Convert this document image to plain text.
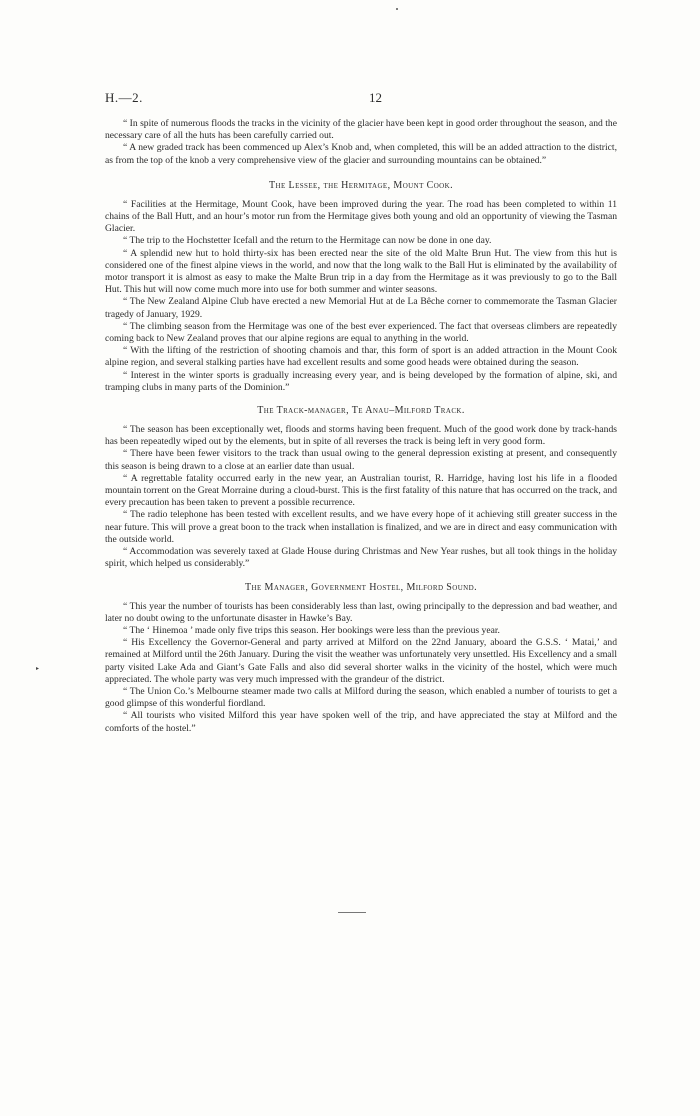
▸
H.—2.	12

“ In spite of numerous floods the tracks in the vicinity of the glacier have been kept in good order throughout the season, and the necessary care of all the huts has been carefully carried out.

“ A new graded track has been commenced up Alex’s Knob and, when completed, this will be an added attraction to the district, as from the top of the knob a very comprehensive view of the glacier and surrounding mountains can be obtained.”

The Lessee, the Hermitage, Mount Cook.

“ Facilities at the Hermitage, Mount Cook, have been improved during the year. The road has been completed to within 11 chains of the Ball Hutt, and an hour’s motor run from the Hermitage gives both young and old an opportunity of viewing the Tasman Glacier.

“ The trip to the Hochstetter Icefall and the return to the Hermitage can now be done in one day.

“ A splendid new hut to hold thirty-six has been erected near the site of the old Malte Brun Hut. The view from this hut is considered one of the finest alpine views in the world, and now that the long walk to the Ball Hut is eliminated by the availability of motor transport it is almost as easy to make the Malte Brun trip in a day from the Hermitage as it was previously to go to the Ball Hut. This hut will now come much more into use for both summer and winter seasons.

“ The New Zealand Alpine Club have erected a new Memorial Hut at de La Bêche corner to commemorate the Tasman Glacier tragedy of January, 1929.

“ The climbing season from the Hermitage was one of the best ever experienced. The fact that overseas climbers are repeatedly coming back to New Zealand proves that our alpine regions are equal to anything in the world.

“ With the lifting of the restriction of shooting chamois and thar, this form of sport is an added attraction in the Mount Cook alpine region, and several stalking parties have had excellent results and some good heads were obtained during the season.

“ Interest in the winter sports is gradually increasing every year, and is being developed by the formation of alpine, ski, and tramping clubs in many parts of the Dominion.”

The Track-manager, Te Anau–Milford Track.

“ The season has been exceptionally wet, floods and storms having been frequent. Much of the good work done by track-hands has been repeatedly wiped out by the elements, but in spite of all reverses the track is being left in very good form.

“ There have been fewer visitors to the track than usual owing to the general depression existing at present, and consequently this season is being drawn to a close at an earlier date than usual.

“ A regrettable fatality occurred early in the new year, an Australian tourist, R. Harridge, having lost his life in a flooded mountain torrent on the Great Morraine during a cloud-burst. This is the first fatality of this nature that has occurred on the track, and every precaution has been taken to prevent a possible recurrence.

“ The radio telephone has been tested with excellent results, and we have every hope of it achieving still greater success in the near future. This will prove a great boon to the track when installation is finalized, and we are in direct and easy communication with the outside world.

“ Accommodation was severely taxed at Glade House during Christmas and New Year rushes, but all took things in the holiday spirit, which helped us considerably.”

The Manager, Government Hostel, Milford Sound.

“ This year the number of tourists has been considerably less than last, owing principally to the depression and bad weather, and later no doubt owing to the unfortunate disaster in Hawke’s Bay.

“ The ‘ Hinemoa ’ made only five trips this season. Her bookings were less than the previous year.

“ His Excellency the Governor-General and party arrived at Milford on the 22nd January, aboard the G.S.S. ‘ Matai,’ and remained at Milford until the 26th January. During the visit the weather was unfortunately very unsettled. His Excellency and a small party visited Lake Ada and Giant’s Gate Falls and also did several shorter walks in the vicinity of the hostel, which were much appreciated. The whole party was very much impressed with the grandeur of the district.

“ The Union Co.’s Melbourne steamer made two calls at Milford during the season, which enabled a number of tourists to get a good glimpse of this wonderful fiordland.

“ All tourists who visited Milford this year have spoken well of the trip, and have appreciated the stay at Milford and the comforts of the hostel.”
